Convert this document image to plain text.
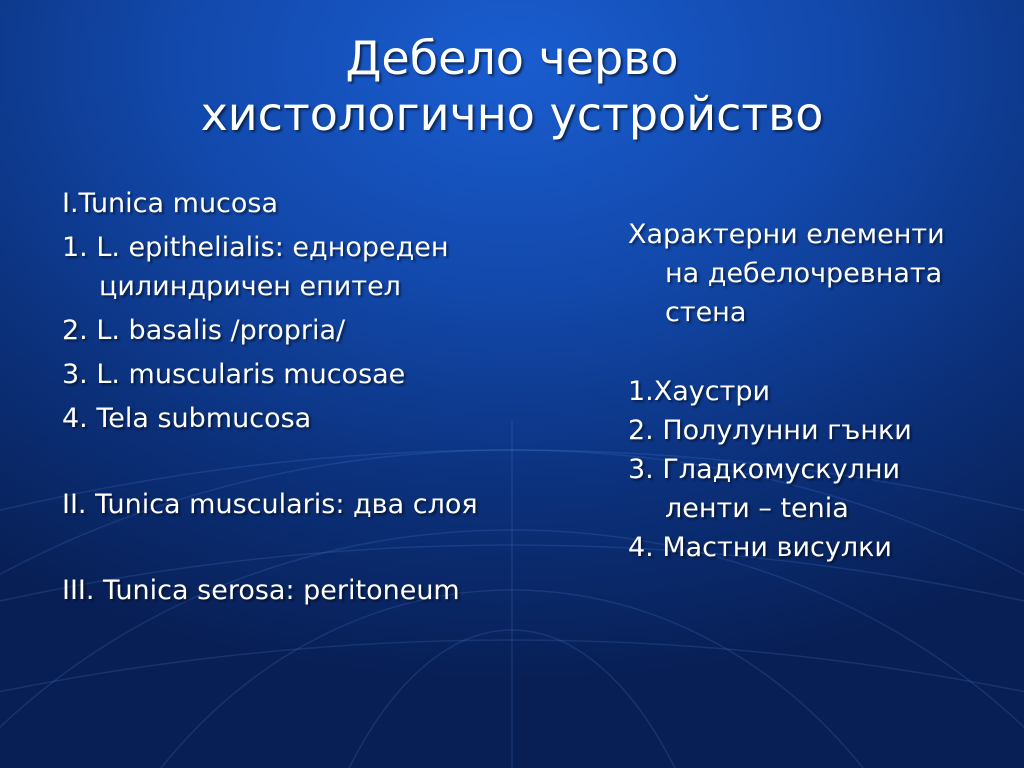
Дебело черво
хистологично устройство
I.Tunica mucosa
1. L. epithelialis: еднореден
цилиндричен епител
2. L. basalis /propria/
3. L. muscularis mucosae
4. Tela submucosa
II. Tunica muscularis: два слоя
III. Tunica serosa: peritoneum
Характерни елементи
на дебелочревната
стена
1.Хаустри
2. Полулунни гънки
3. Гладкомускулни
ленти – tenia
4. Мастни висулки
